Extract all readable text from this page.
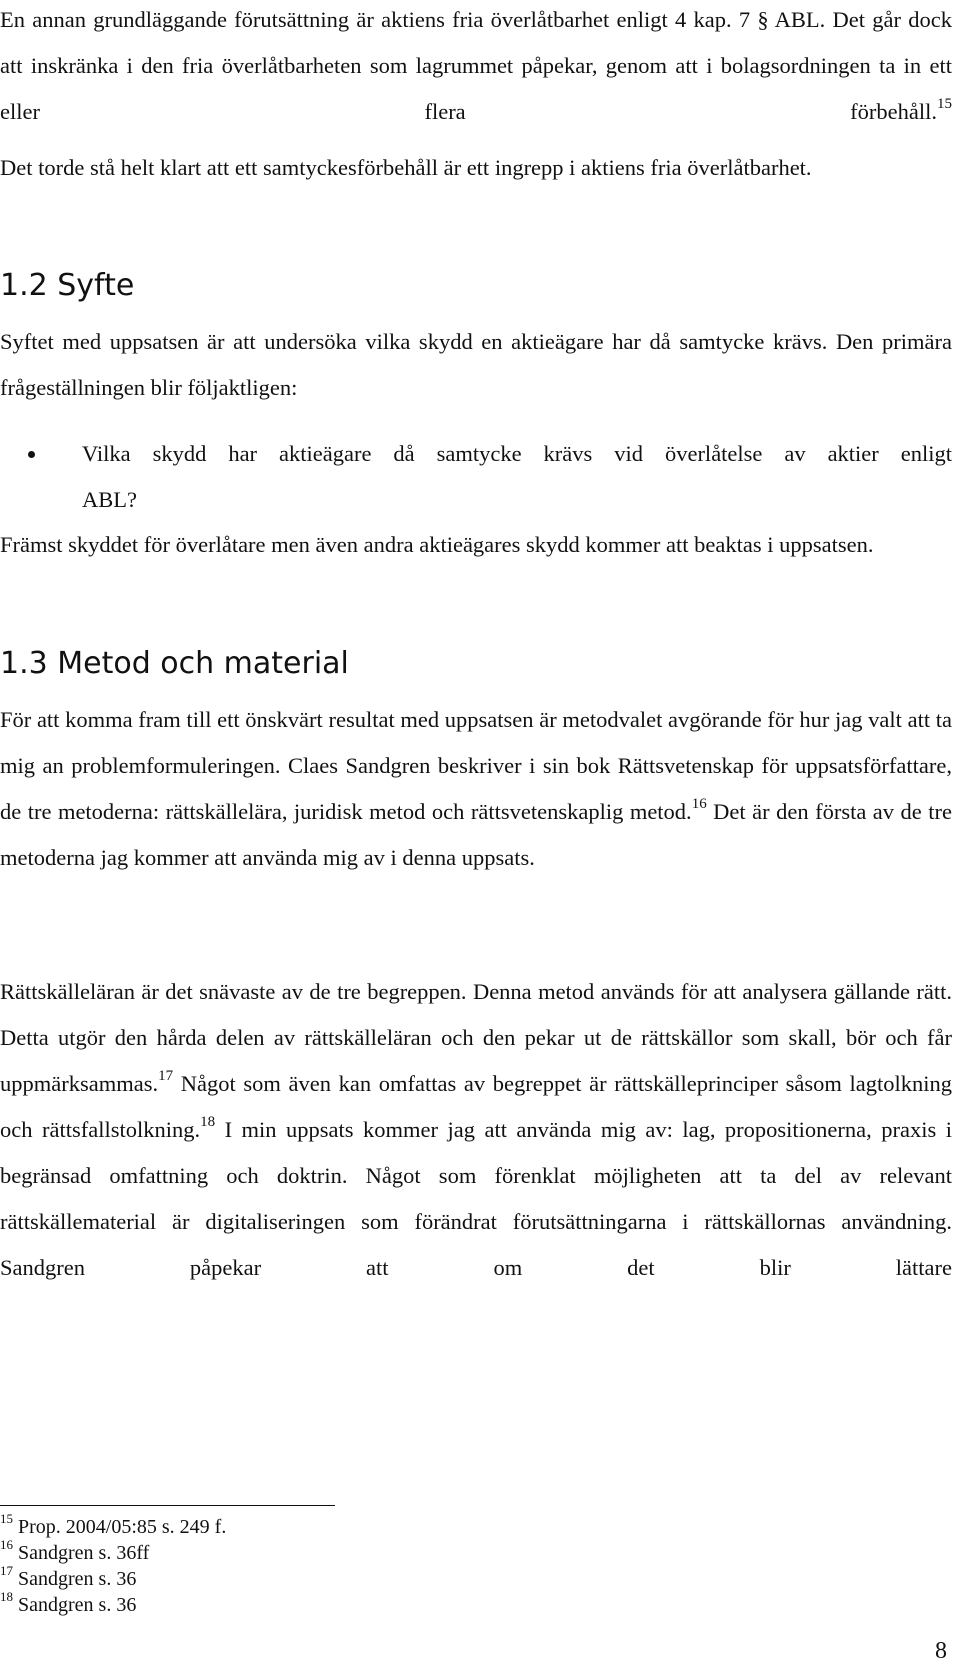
En annan grundläggande förutsättning är aktiens fria överlåtbarhet enligt 4 kap. 7 § ABL. Det går dock att inskränka i den fria överlåtbarheten som lagrummet påpekar, genom att i bolagsordningen ta in ett eller flera förbehåll.$^{15}$

Det torde stå helt klart att ett samtyckesförbehåll är ett ingrepp i aktiens fria överlåtbarhet.

1.2 Syfte

Syftet med uppsatsen är att undersöka vilka skydd en aktieägare har då samtycke krävs. Den primära frågeställningen blir följaktligen:

Vilka skydd har aktieägare då samtycke krävs vid överlåtelse av aktier enligt
ABL?

Främst skyddet för överlåtare men även andra aktieägares skydd kommer att beaktas i uppsatsen.

1.3 Metod och material

För att komma fram till ett önskvärt resultat med uppsatsen är metodvalet avgörande för hur jag valt att ta mig an problemformuleringen. Claes Sandgren beskriver i sin bok Rättsvetenskap för uppsatsförfattare, de tre metoderna: rättskällelära, juridisk metod och rättsvetenskaplig metod.$^{16}$ Det är den första av de tre metoderna jag kommer att använda mig av i denna uppsats.

Rättskälleläran är det snävaste av de tre begreppen. Denna metod används för att analysera gällande rätt. Detta utgör den hårda delen av rättskälleläran och den pekar ut de rättskällor som skall, bör och får uppmärksammas.$^{17}$ Något som även kan omfattas av begreppet är rättskälleprinciper såsom lagtolkning och rättsfallstolkning.$^{18}$ I min uppsats kommer jag att använda mig av: lag, propositionerna, praxis i begränsad omfattning och doktrin. Något som förenklat möjligheten att ta del av relevant rättskällematerial är digitaliseringen som förändrat förutsättningarna i rättskällornas användning. Sandgren påpekar att om det blir lättare

$^{15}$ Prop. 2004/05:85 s. 249 f.
$^{16}$ Sandgren s. 36ff
$^{17}$ Sandgren s. 36
$^{18}$ Sandgren s. 36
8
